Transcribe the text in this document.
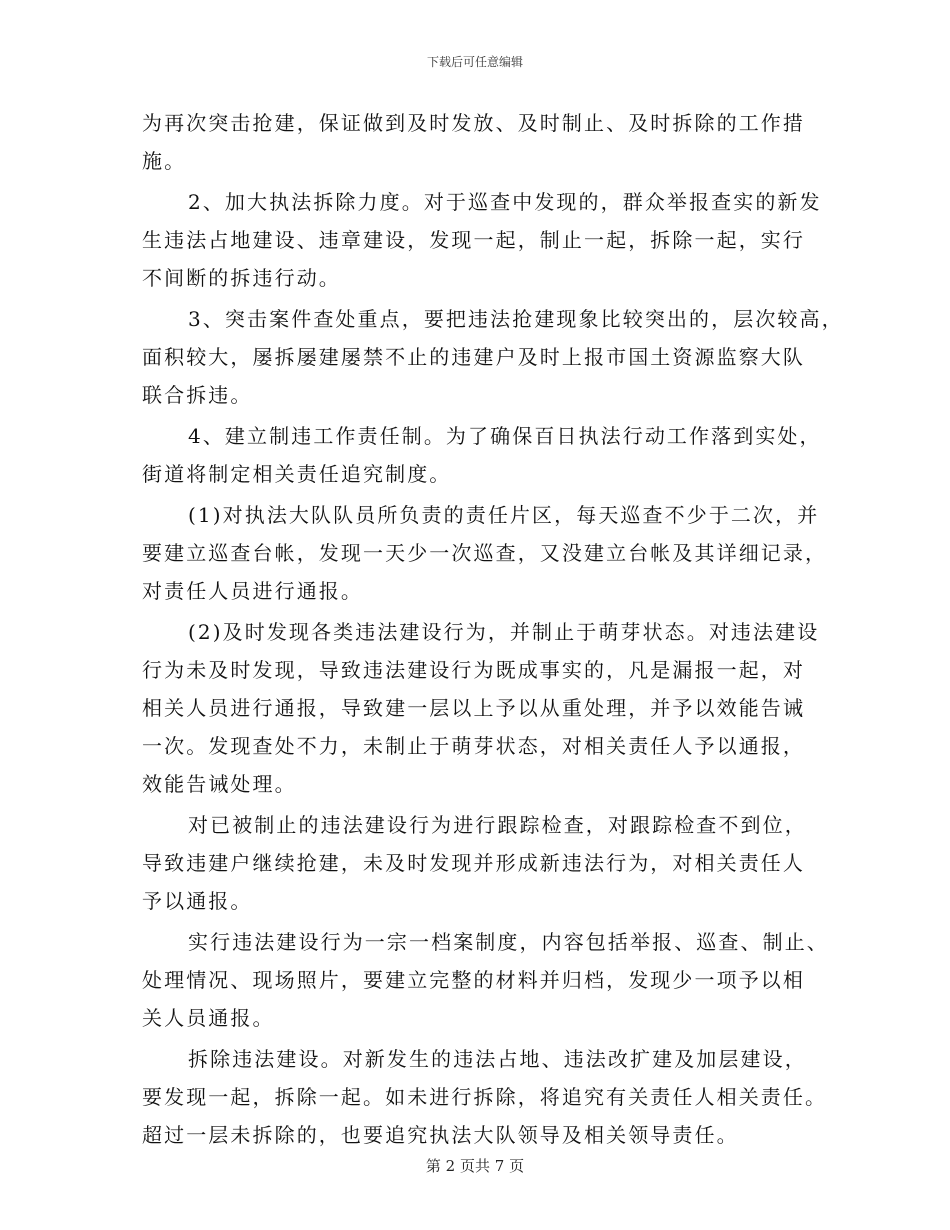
下载后可任意编辑
为再次突击抢建，保证做到及时发放、及时制止、及时拆除的工作措
施。
2、加大执法拆除力度。对于巡查中发现的，群众举报查实的新发
生违法占地建设、违章建设，发现一起，制止一起，拆除一起，实行
不间断的拆违行动。
3、突击案件查处重点，要把违法抢建现象比较突出的，层次较高，
面积较大，屡拆屡建屡禁不止的违建户及时上报市国土资源监察大队
联合拆违。
4、建立制违工作责任制。为了确保百日执法行动工作落到实处，
街道将制定相关责任追究制度。
(1)对执法大队队员所负责的责任片区，每天巡查不少于二次，并
要建立巡查台帐，发现一天少一次巡查，又没建立台帐及其详细记录，
对责任人员进行通报。
(2)及时发现各类违法建设行为，并制止于萌芽状态。对违法建设
行为未及时发现，导致违法建设行为既成事实的，凡是漏报一起，对
相关人员进行通报，导致建一层以上予以从重处理，并予以效能告诫
一次。发现查处不力，未制止于萌芽状态，对相关责任人予以通报，
效能告诫处理。
对已被制止的违法建设行为进行跟踪检查，对跟踪检查不到位，
导致违建户继续抢建，未及时发现并形成新违法行为，对相关责任人
予以通报。
实行违法建设行为一宗一档案制度，内容包括举报、巡查、制止、
处理情况、现场照片，要建立完整的材料并归档，发现少一项予以相
关人员通报。
拆除违法建设。对新发生的违法占地、违法改扩建及加层建设，
要发现一起，拆除一起。如未进行拆除，将追究有关责任人相关责任。
超过一层未拆除的，也要追究执法大队领导及相关领导责任。
第 2 页共 7 页
